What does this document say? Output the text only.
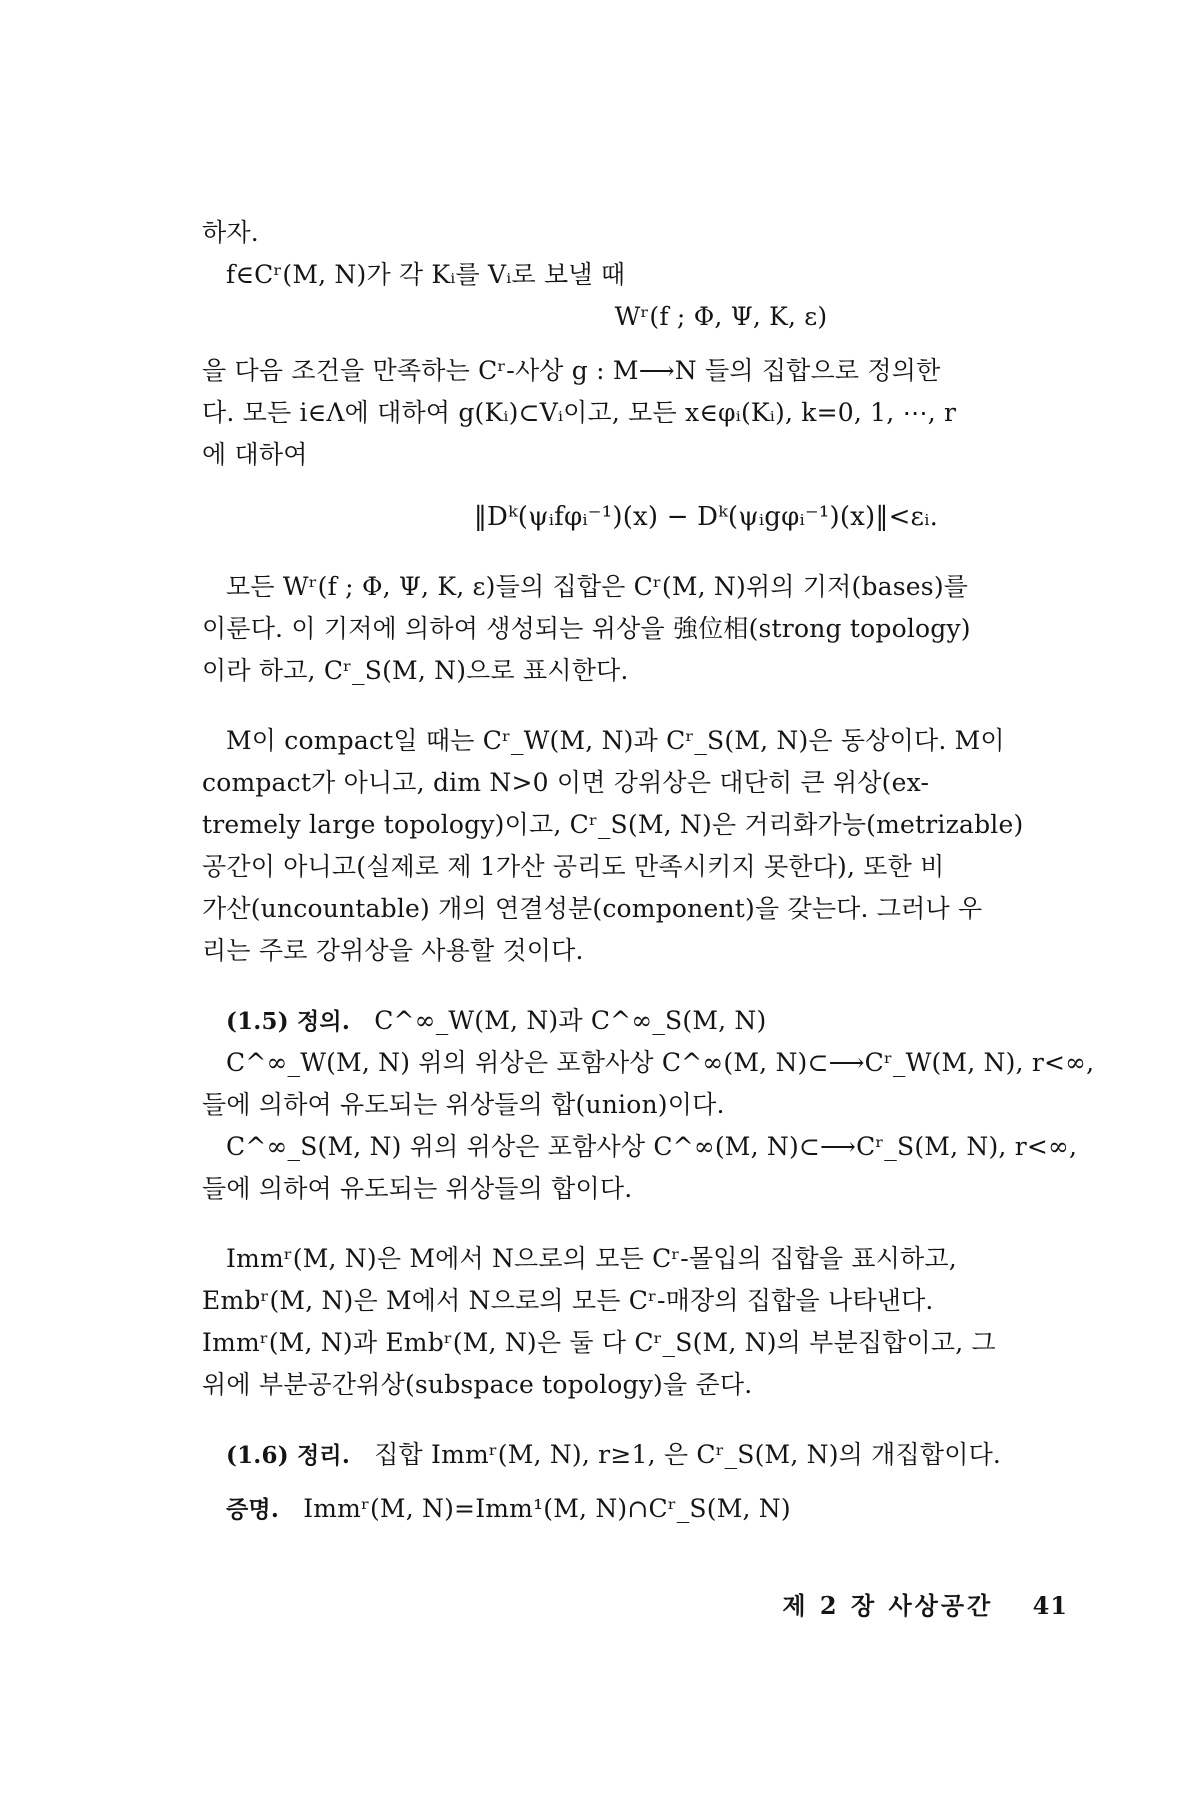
하자.
f∈Cʳ(M, N)가 각 Kᵢ를 Vᵢ로 보낼 때
Wʳ(f ; Φ, Ψ, K, ε)
을 다음 조건을 만족하는 Cʳ-사상 g : M⟶N 들의 집합으로 정의한
다. 모든 i∈Λ에 대하여 g(Kᵢ)⊂Vᵢ이고, 모든 x∈φᵢ(Kᵢ), k=0, 1, ⋯, r
에 대하여
‖Dᵏ(ψᵢfφᵢ⁻¹)(x) − Dᵏ(ψᵢgφᵢ⁻¹)(x)‖<εᵢ.
모든 Wʳ(f ; Φ, Ψ, K, ε)들의 집합은 Cʳ(M, N)위의 기저(bases)를
이룬다. 이 기저에 의하여 생성되는 위상을 強位相(strong topology)
이라 하고, Cʳ_S(M, N)으로 표시한다.
M이 compact일 때는 Cʳ_W(M, N)과 Cʳ_S(M, N)은 동상이다. M이
compact가 아니고, dim N>0 이면 강위상은 대단히 큰 위상(ex-
tremely large topology)이고, Cʳ_S(M, N)은 거리화가능(metrizable)
공간이 아니고(실제로 제 1가산 공리도 만족시키지 못한다), 또한 비
가산(uncountable) 개의 연결성분(component)을 갖는다. 그러나 우
리는 주로 강위상을 사용할 것이다.
(1.5) 정의. C^∞_W(M, N)과 C^∞_S(M, N)
C^∞_W(M, N) 위의 위상은 포함사상 C^∞(M, N)⊂⟶Cʳ_W(M, N), r<∞,
들에 의하여 유도되는 위상들의 합(union)이다.
C^∞_S(M, N) 위의 위상은 포함사상 C^∞(M, N)⊂⟶Cʳ_S(M, N), r<∞,
들에 의하여 유도되는 위상들의 합이다.
Immʳ(M, N)은 M에서 N으로의 모든 Cʳ-몰입의 집합을 표시하고,
Embʳ(M, N)은 M에서 N으로의 모든 Cʳ-매장의 집합을 나타낸다.
Immʳ(M, N)과 Embʳ(M, N)은 둘 다 Cʳ_S(M, N)의 부분집합이고, 그
위에 부분공간위상(subspace topology)을 준다.
(1.6) 정리. 집합 Immʳ(M, N), r≥1, 은 Cʳ_S(M, N)의 개집합이다.
증명. Immʳ(M, N)=Imm¹(M, N)∩Cʳ_S(M, N)
제 2 장 사상공간 41
